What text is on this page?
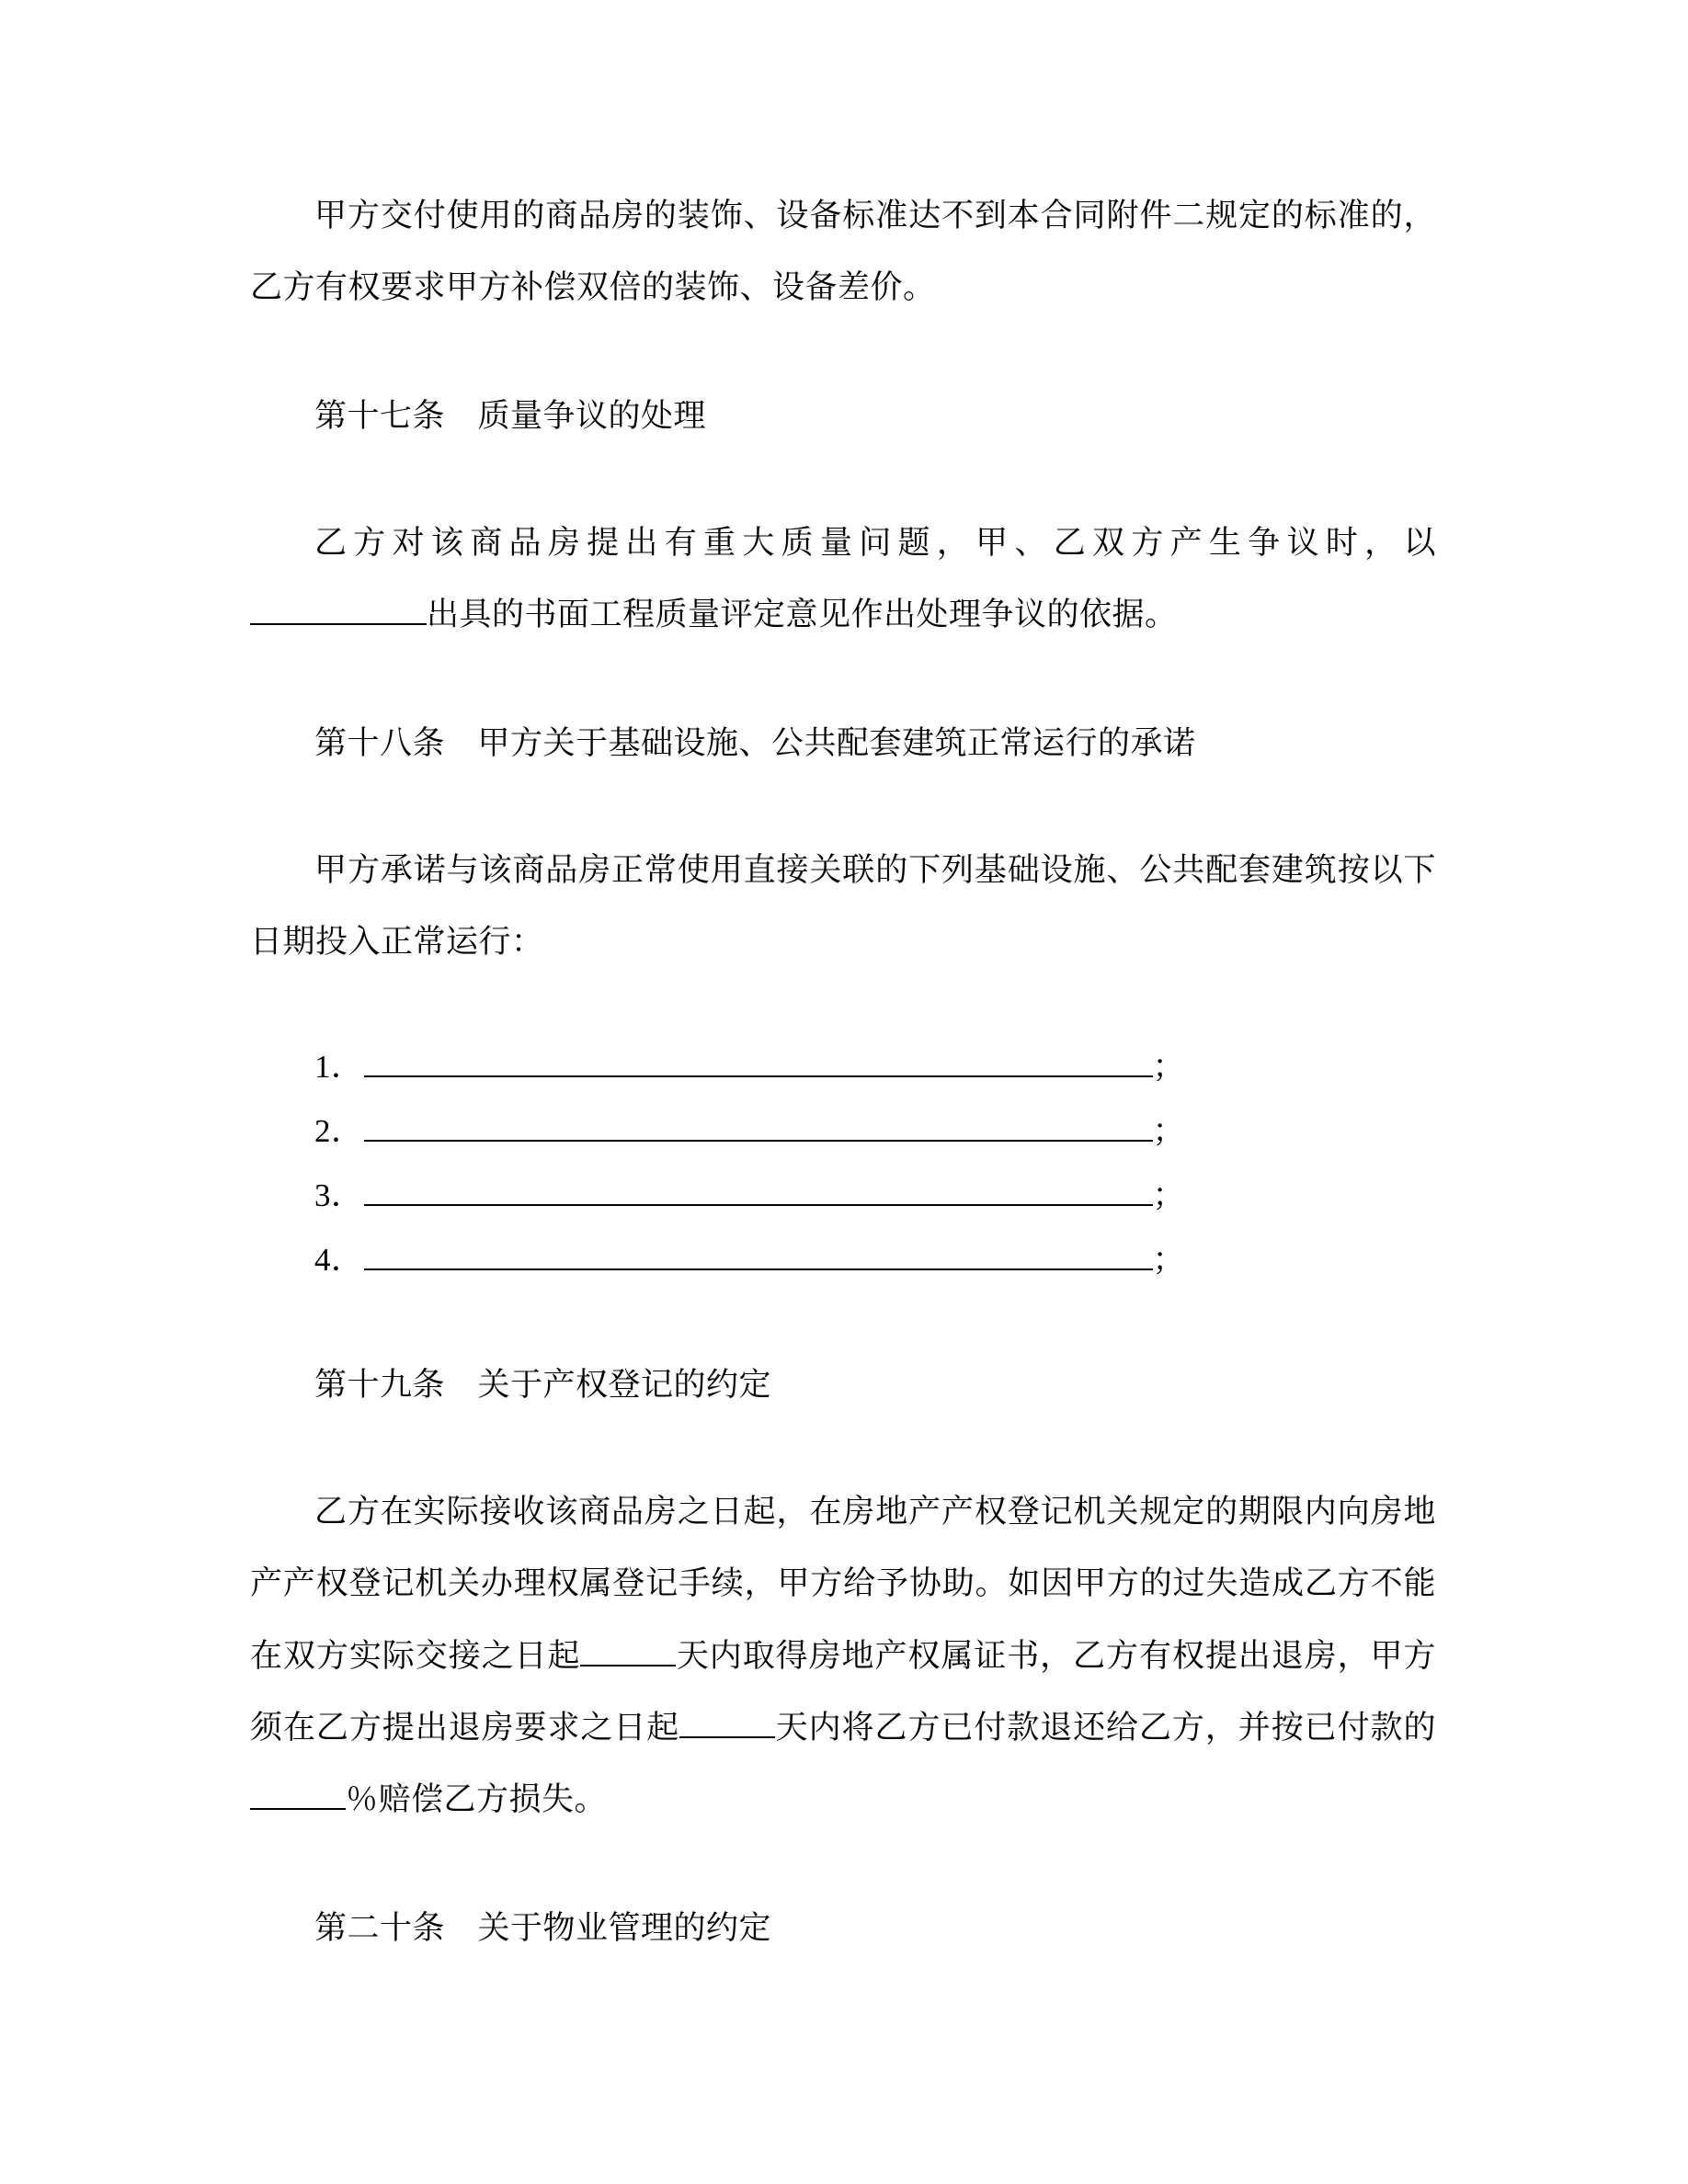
甲方交付使用的商品房的装饰、设备标准达不到本合同附件二规定的标准的，乙方有权要求甲方补偿双倍的装饰、设备差价。

第十七条　质量争议的处理

乙方对该商品房提出有重大质量问题，甲、乙双方产生争议时，以出具的书面工程质量评定意见作出处理争议的依据。

第十八条　甲方关于基础设施、公共配套建筑正常运行的承诺

甲方承诺与该商品房正常使用直接关联的下列基础设施、公共配套建筑按以下日期投入正常运行：

1．	；

2．	；

3．	；

4．	；

第十九条　关于产权登记的约定

乙方在实际接收该商品房之日起，在房地产产权登记机关规定的期限内向房地产产权登记机关办理权属登记手续，甲方给予协助。如因甲方的过失造成乙方不能在双方实际交接之日起	天内取得房地产权属证书，乙方有权提出退房，甲方须在乙方提出退房要求之日起	天内将乙方已付款退还给乙方，并按已付款的％赔偿乙方损失。

第二十条　关于物业管理的约定
